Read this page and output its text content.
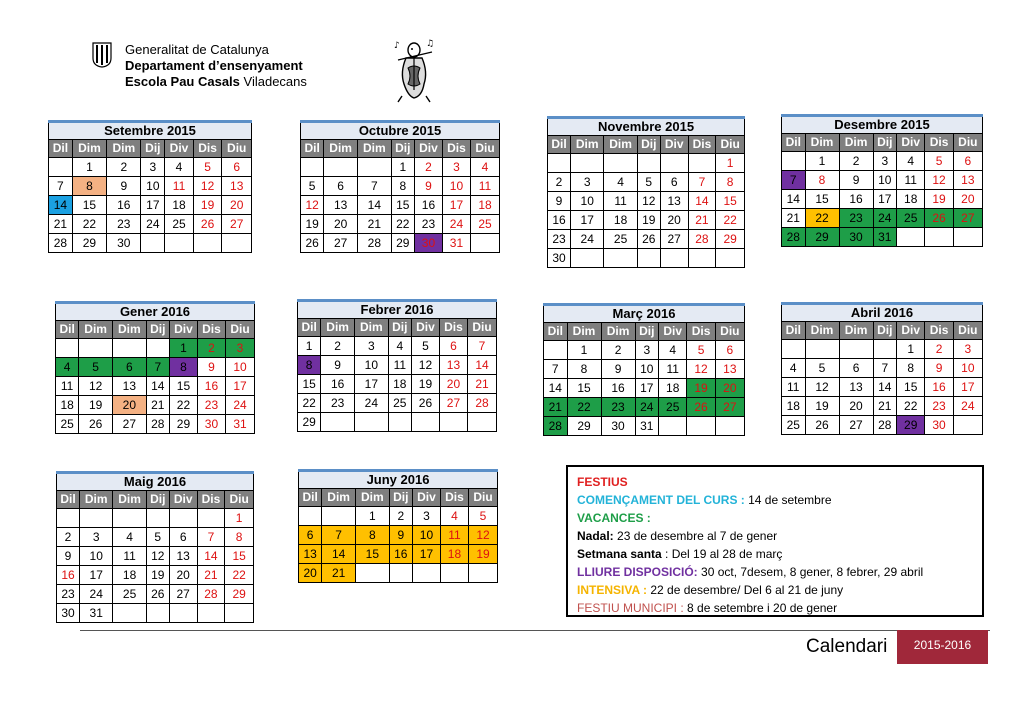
Generalitat de Catalunya
Departament d’ensenyament
Escola Pau Casals Viladecans
♪	♫
Setembre 2015						
Dil	Dim	Dim	Dij	Div	Dis	Diu
	1	2	3	4	5	6
7	8	9	10	11	12	13
14	15	16	17	18	19	20
21	22	23	24	25	26	27
28	29	30				
Octubre 2015						
Dil	Dim	Dim	Dij	Div	Dis	Diu
			1	2	3	4
5	6	7	8	9	10	11
12	13	14	15	16	17	18
19	20	21	22	23	24	25
26	27	28	29	30	31	
Novembre 2015						
Dil	Dim	Dim	Dij	Div	Dis	Diu
						1
2	3	4	5	6	7	8
9	10	11	12	13	14	15
16	17	18	19	20	21	22
23	24	25	26	27	28	29
30						
Desembre 2015						
Dil	Dim	Dim	Dij	Div	Dis	Diu
	1	2	3	4	5	6
7	8	9	10	11	12	13
14	15	16	17	18	19	20
21	22	23	24	25	26	27
28	29	30	31			
Gener 2016						
Dil	Dim	Dim	Dij	Div	Dis	Diu
				1	2	3
4	5	6	7	8	9	10
11	12	13	14	15	16	17
18	19	20	21	22	23	24
25	26	27	28	29	30	31
Febrer 2016						
Dil	Dim	Dim	Dij	Div	Dis	Diu
1	2	3	4	5	6	7
8	9	10	11	12	13	14
15	16	17	18	19	20	21
22	23	24	25	26	27	28
29						
Març 2016						
Dil	Dim	Dim	Dij	Div	Dis	Diu
	1	2	3	4	5	6
7	8	9	10	11	12	13
14	15	16	17	18	19	20
21	22	23	24	25	26	27
28	29	30	31			
Abril 2016						
Dil	Dim	Dim	Dij	Div	Dis	Diu
				1	2	3
4	5	6	7	8	9	10
11	12	13	14	15	16	17
18	19	20	21	22	23	24
25	26	27	28	29	30	
Maig 2016						
Dil	Dim	Dim	Dij	Div	Dis	Diu
						1
2	3	4	5	6	7	8
9	10	11	12	13	14	15
16	17	18	19	20	21	22
23	24	25	26	27	28	29
30	31					
Juny 2016						
Dil	Dim	Dim	Dij	Div	Dis	Diu
		1	2	3	4	5
6	7	8	9	10	11	12
13	14	15	16	17	18	19
20	21					
FESTIUS
COMENÇAMENT DEL CURS : 14 de setembre
VACANCES :
Nadal: 23 de desembre al 7 de gener
Setmana santa : Del 19 al 28 de març
LLIURE DISPOSICIÓ: 30 oct, 7desem, 8 gener, 8 febrer, 29 abril
INTENSIVA : 22 de desembre/ Del 6 al 21 de juny
FESTIU MUNICIPI : 8 de setembre i 20 de gener
Calendari	2015-2016
